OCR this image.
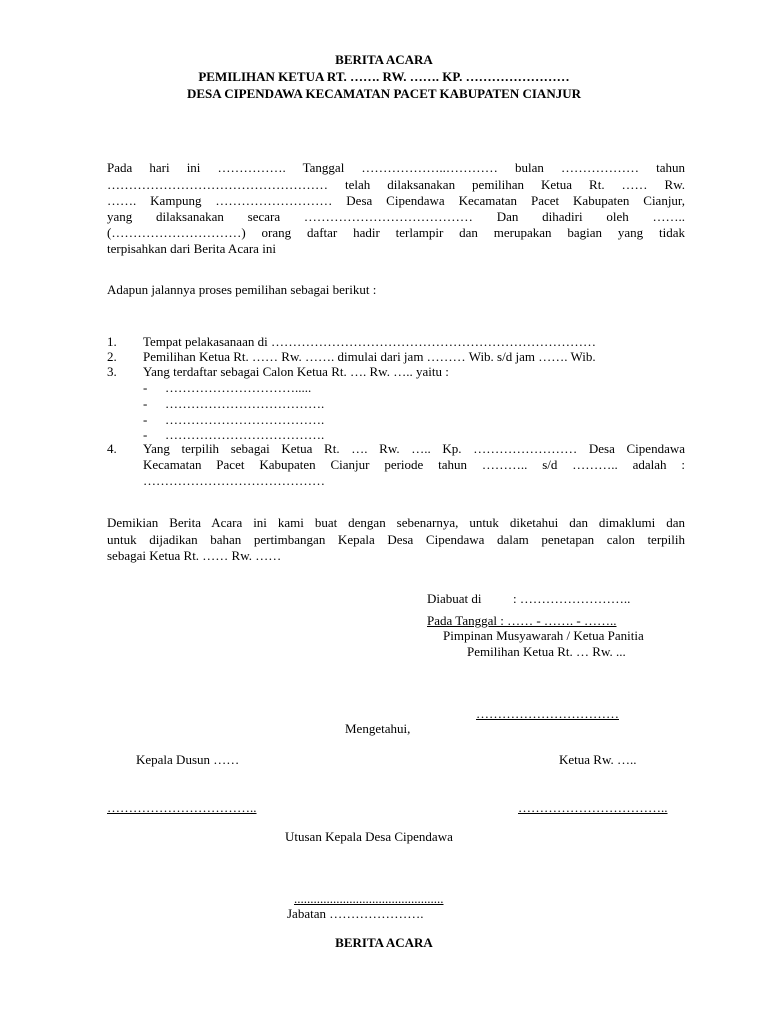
BERITA ACARA
PEMILIHAN KETUA RT. ……. RW. ……. KP. ……………………
DESA CIPENDAWA KECAMATAN PACET KABUPATEN CIANJUR
Pada hari ini ……………. Tanggal ………………..………… bulan ……………… tahun
…………………………………………… telah dilaksanakan pemilihan Ketua Rt. …… Rw.
……. Kampung ……………………… Desa Cipendawa Kecamatan Pacet Kabupaten Cianjur,
yang dilaksanakan secara ………………………………… Dan dihadiri oleh ……..
(…………………………) orang daftar hadir terlampir dan merupakan bagian yang tidak
terpisahkan dari Berita Acara ini
Adapun jalannya proses pemilihan sebagai berikut :
1. Tempat pelakasanaan di …………………………………………………………………
2. Pemilihan Ketua Rt. …… Rw. ……. dimulai dari jam ……… Wib. s/d jam ……. Wib.
3. Yang terdaftar sebagai Calon Ketua Rt. …. Rw. ….. yaitu :
- ………………………….....
- ……………………………….
- ……………………………….
- ……………………………….
4. Yang terpilih sebagai Ketua Rt. …. Rw. ….. Kp. …………………… Desa Cipendawa
Kecamatan Pacet Kabupaten Cianjur periode tahun ……….. s/d ……….. adalah :
……………………………………
Demikian Berita Acara ini kami buat dengan sebenarnya, untuk diketahui dan dimaklumi dan
untuk dijadikan bahan pertimbangan Kepala Desa Cipendawa dalam penetapan calon terpilih
sebagai Ketua Rt. …… Rw. ……
Diabuat di : ……………………..
Pada Tanggal : …… - ……. - ……..
Pimpinan Musyawarah / Ketua Panitia
Pemilihan Ketua Rt. … Rw. ...
……………………………
Mengetahui,
Kepala Dusun ……	Ketua Rw. …..
……………………………..	……………………………..
Utusan Kepala Desa Cipendawa
..............................................
Jabatan ………………….
BERITA ACARA
